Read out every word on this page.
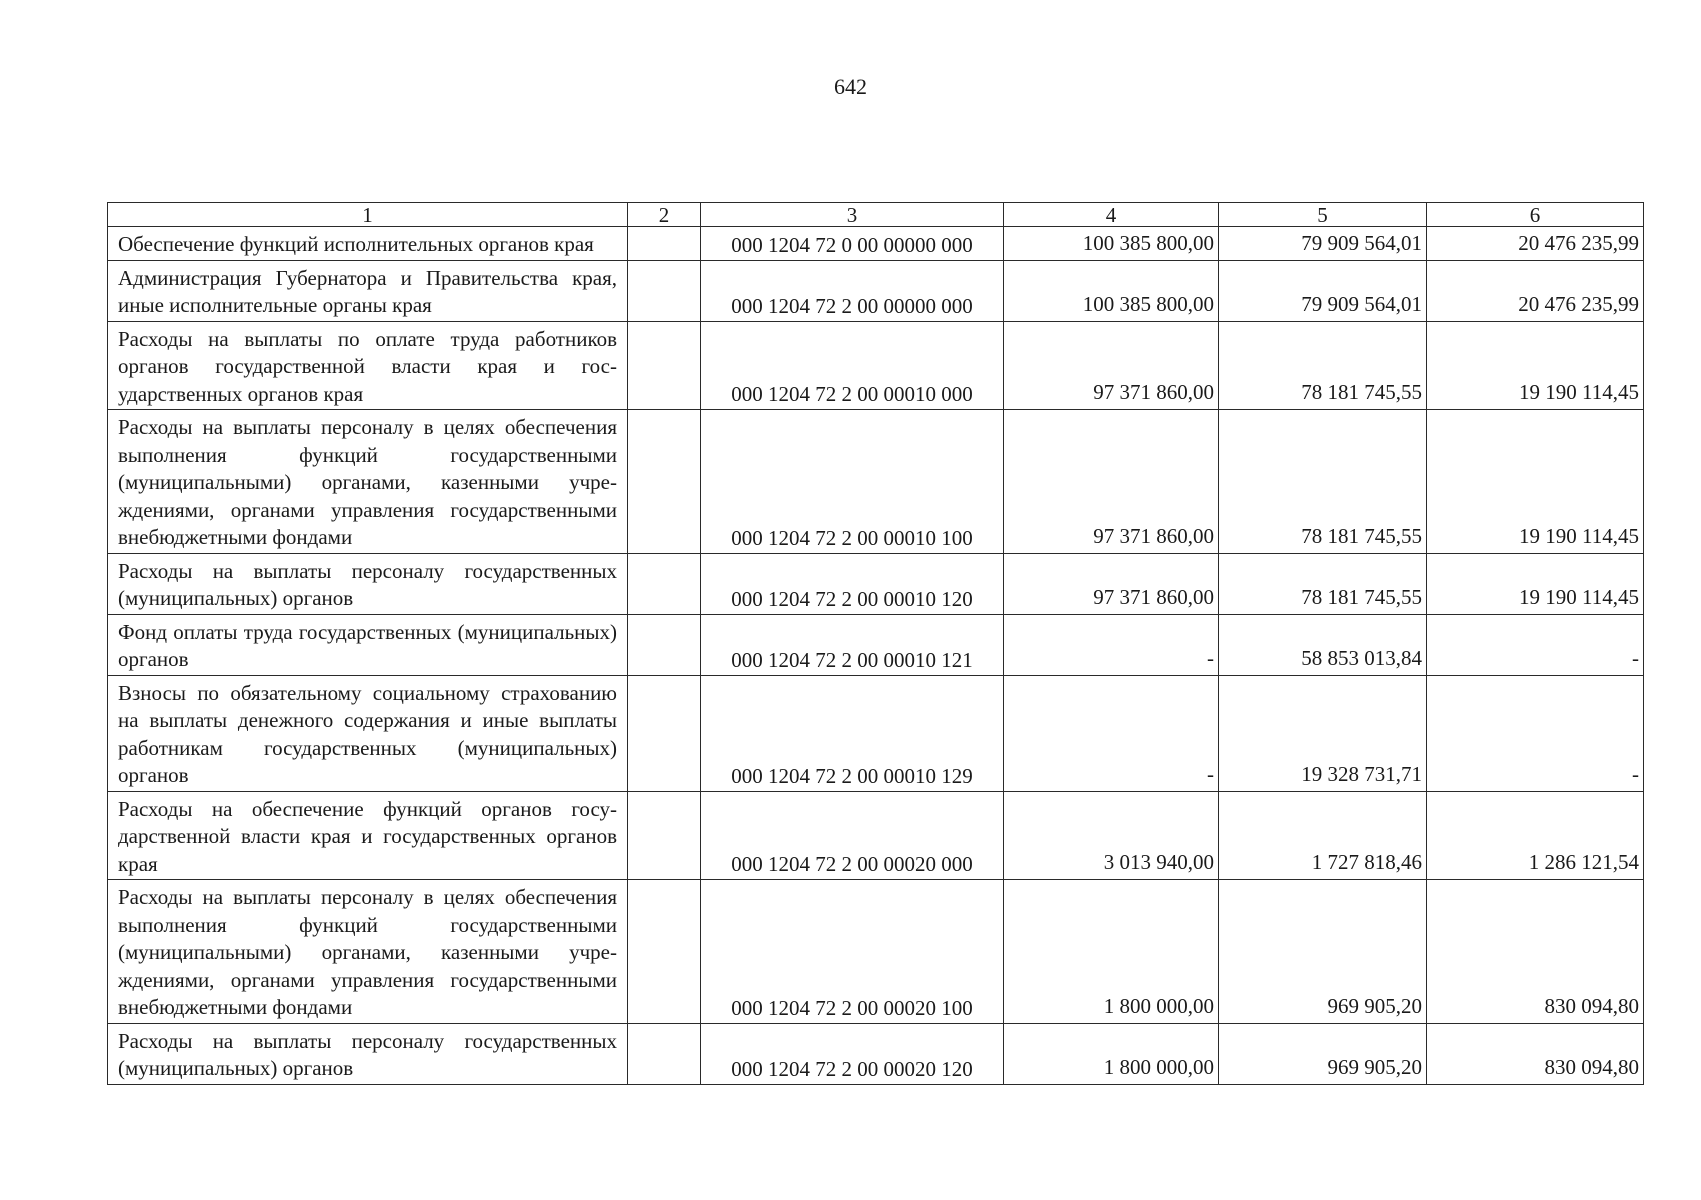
642
1	2	3	4	5	6
Обеспечение функций исполнительных органов края		000 1204 72 0 00 00000 000	100 385 800,00	79 909 564,01	20 476 235,99
Администрация Губернатора и Правительства края, иные исполнительные органы края		000 1204 72 2 00 00000 000	100 385 800,00	79 909 564,01	20 476 235,99
Расходы на выплаты по оплате труда работников органов государственной власти края и государственных органов края		000 1204 72 2 00 00010 000	97 371 860,00	78 181 745,55	19 190 114,45
Расходы на выплаты персоналу в целях обеспечения выполнения функций государственными (муниципальными) органами, казенными учреждениями, органами управления государственными внебюджетными фондами		000 1204 72 2 00 00010 100	97 371 860,00	78 181 745,55	19 190 114,45
Расходы на выплаты персоналу государственных (муниципальных) органов		000 1204 72 2 00 00010 120	97 371 860,00	78 181 745,55	19 190 114,45
Фонд оплаты труда государственных (муниципальных) органов		000 1204 72 2 00 00010 121	-	58 853 013,84	-
Взносы по обязательному социальному страхованию на выплаты денежного содержания и иные выплаты работникам государственных (муниципальных) органов		000 1204 72 2 00 00010 129	-	19 328 731,71	-
Расходы на обеспечение функций органов государственной власти края и государственных органов края		000 1204 72 2 00 00020 000	3 013 940,00	1 727 818,46	1 286 121,54
Расходы на выплаты персоналу в целях обеспечения выполнения функций государственными (муниципальными) органами, казенными учреждениями, органами управления государственными внебюджетными фондами		000 1204 72 2 00 00020 100	1 800 000,00	969 905,20	830 094,80
Расходы на выплаты персоналу государственных (муниципальных) органов		000 1204 72 2 00 00020 120	1 800 000,00	969 905,20	830 094,80
